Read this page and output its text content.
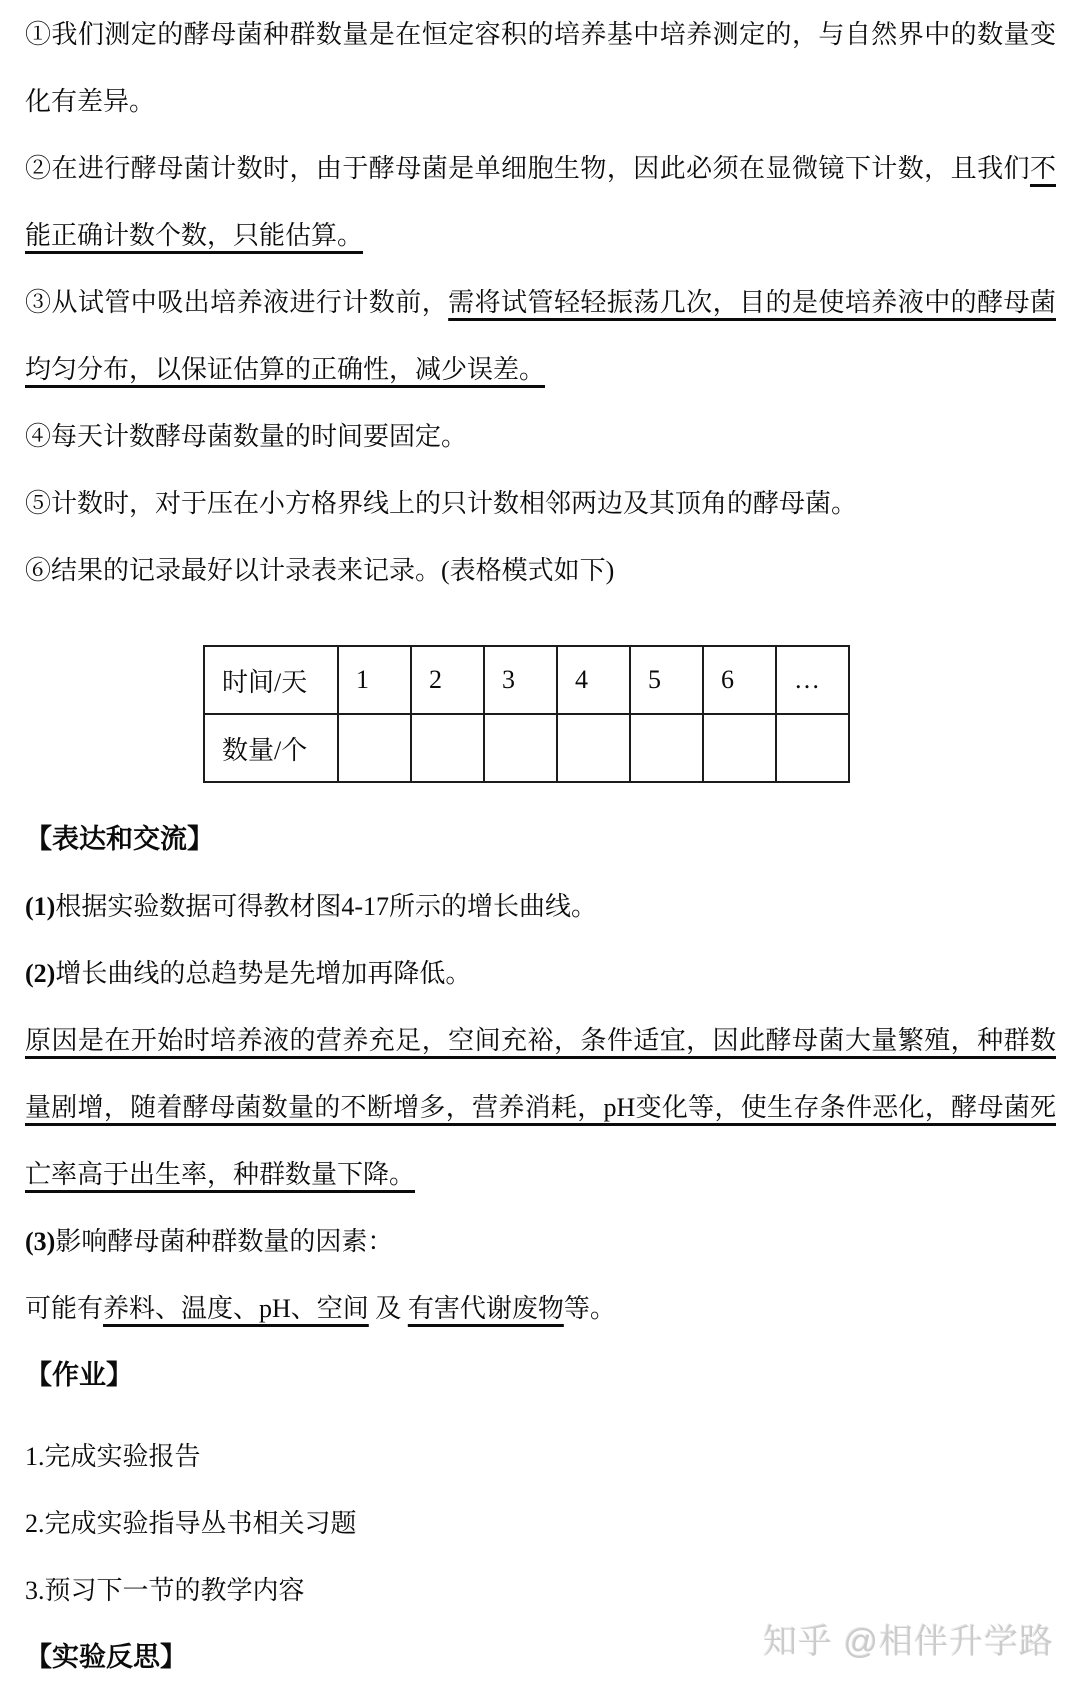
①我们测定的酵母菌种群数量是在恒定容积的培养基中培养测定的，与自然界中的数量变化有差异。

②在进行酵母菌计数时，由于酵母菌是单细胞生物，因此必须在显微镜下计数，且我们不能正确计数个数，只能估算。

③从试管中吸出培养液进行计数前，需将试管轻轻振荡几次，目的是使培养液中的酵母菌均匀分布，以保证估算的正确性，减少误差。

④每天计数酵母菌数量的时间要固定。

⑤计数时，对于压在小方格界线上的只计数相邻两边及其顶角的酵母菌。

⑥结果的记录最好以计录表来记录。(表格模式如下)

时间/天	1	2	3	4	5	6	…
数量/个							

【表达和交流】

(1)根据实验数据可得教材图4-17所示的增长曲线。

(2)增长曲线的总趋势是先增加再降低。

原因是在开始时培养液的营养充足，空间充裕，条件适宜，因此酵母菌大量繁殖，种群数量剧增，随着酵母菌数量的不断增多，营养消耗，pH变化等，使生存条件恶化，酵母菌死亡率高于出生率，种群数量下降。

(3)影响酵母菌种群数量的因素：

可能有养料、温度、pH、空间 及 有害代谢废物等。

【作业】

1.完成实验报告

2.完成实验指导丛书相关习题

3.预习下一节的教学内容

【实验反思】	知乎 @相伴升学路
